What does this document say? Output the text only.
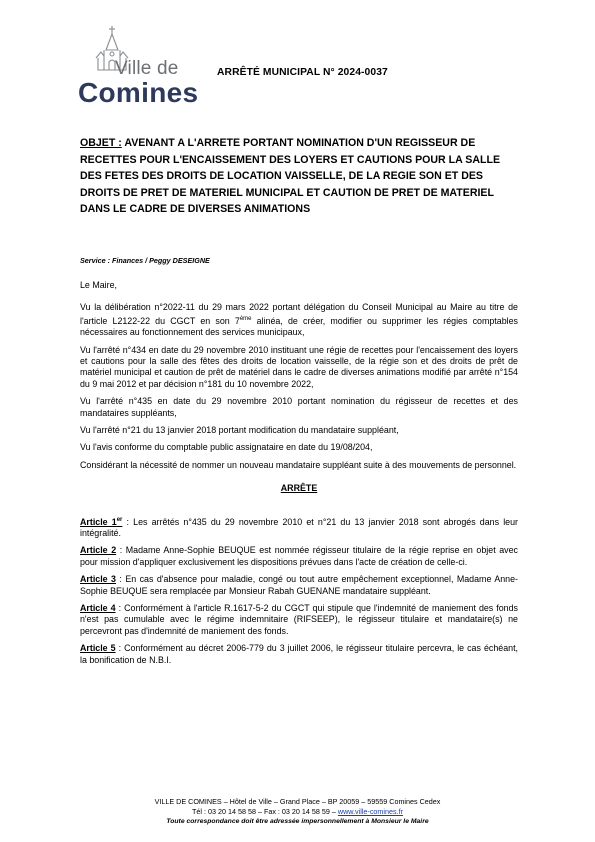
Ville de
Comines
ARRÊTÉ MUNICIPAL N° 2024-0037
OBJET : AVENANT A L'ARRETE PORTANT NOMINATION D'UN REGISSEUR DE RECETTES POUR L'ENCAISSEMENT DES LOYERS ET CAUTIONS POUR LA SALLE DES FETES DES DROITS DE LOCATION VAISSELLE, DE LA REGIE SON ET DES DROITS DE PRET DE MATERIEL MUNICIPAL ET CAUTION DE PRET DE MATERIEL DANS LE CADRE DE DIVERSES ANIMATIONS
Service : Finances / Peggy DESEIGNE

Le Maire,

Vu la délibération n°2022-11 du 29 mars 2022 portant délégation du Conseil Municipal au Maire au titre de l'article L2122-22 du CGCT en son 7ème alinéa, de créer, modifier ou supprimer les régies comptables nécessaires au fonctionnement des services municipaux,

Vu l'arrêté n°434 en date du 29 novembre 2010 instituant une régie de recettes pour l'encaissement des loyers et cautions pour la salle des fêtes des droits de location vaisselle, de la régie son et des droits de prêt de matériel municipal et caution de prêt de matériel dans le cadre de diverses animations modifié par arrêté n°154 du 9 mai 2012 et par décision n°181 du 10 novembre 2022,

Vu l'arrêté n°435 en date du 29 novembre 2010 portant nomination du régisseur de recettes et des mandataires suppléants,

Vu l'arrêté n°21 du 13 janvier 2018 portant modification du mandataire suppléant,

Vu l'avis conforme du comptable public assignataire en date du 19/08/204,

Considérant la nécessité de nommer un nouveau mandataire suppléant suite à des mouvements de personnel.

ARRÊTE

Article 1er : Les arrêtés n°435 du 29 novembre 2010 et n°21 du 13 janvier 2018 sont abrogés dans leur intégralité.

Article 2 : Madame Anne-Sophie BEUQUE est nommée régisseur titulaire de la régie reprise en objet avec pour mission d'appliquer exclusivement les dispositions prévues dans l'acte de création de celle-ci.

Article 3 : En cas d'absence pour maladie, congé ou tout autre empêchement exceptionnel, Madame Anne-Sophie BEUQUE sera remplacée par Monsieur Rabah GUENANE mandataire suppléant.

Article 4 : Conformément à l'article R.1617-5-2 du CGCT qui stipule que l'indemnité de maniement des fonds n'est pas cumulable avec le régime indemnitaire (RIFSEEP), le régisseur titulaire et mandataire(s) ne percevront pas d'indemnité de maniement des fonds.

Article 5 : Conformément au décret 2006-779 du 3 juillet 2006, le régisseur titulaire percevra, le cas échéant, la bonification de N.B.I.

VILLE DE COMINES – Hôtel de Ville – Grand Place – BP 20059 – 59559 Comines Cedex
Tél : 03 20 14 58 58 – Fax : 03 20 14 58 59 – www.ville-comines.fr
Toute correspondance doit être adressée impersonnellement à Monsieur le Maire
